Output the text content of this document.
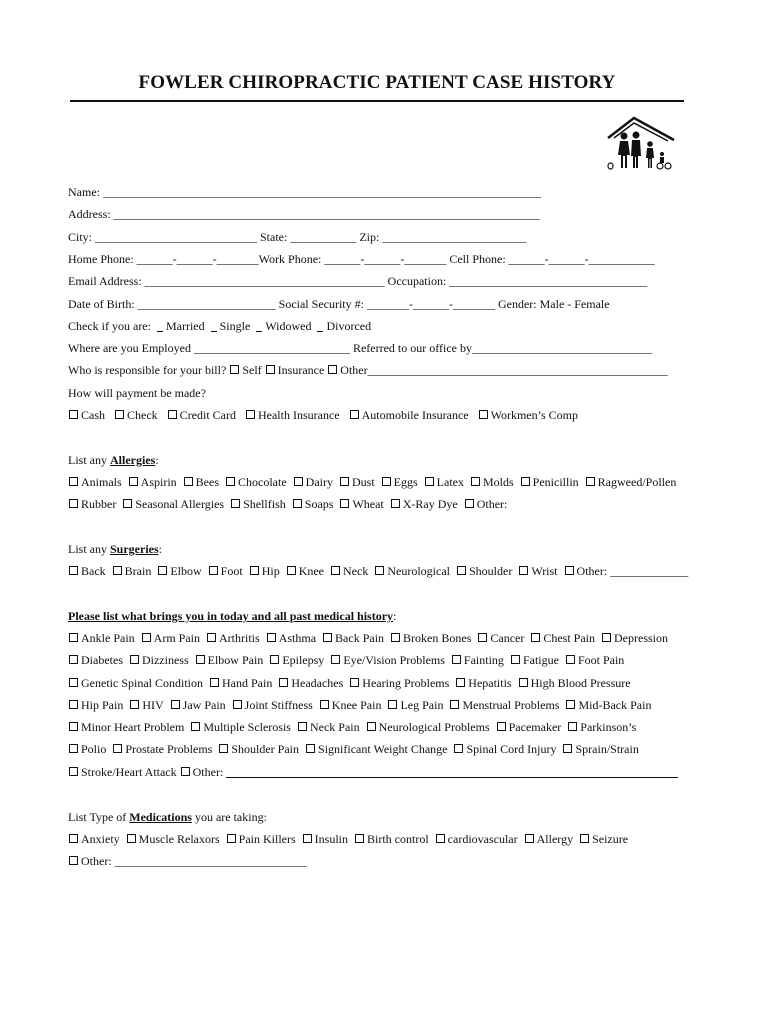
FOWLER CHIROPRACTIC PATIENT CASE HISTORY
Name: _________________________________________________________________________
Address: _______________________________________________________________________
City: ___________________________ State: ___________ Zip: ________________________
Home Phone: ______-______-_______Work Phone: ______-______-_______ Cell Phone: ______-______-___________
Email Address: ________________________________________ Occupation: _________________________________
Date of Birth: _______________________ Social Security #: _______-______-_______ Gender: Male - Female
Check if you are: Married Single Widowed Divorced
Where are you Employed __________________________ Referred to our office by______________________________
Who is responsible for your bill? Self Insurance Other__________________________________________________
How will payment be made?
Cash Check Credit Card Health Insurance Automobile Insurance Workmen’s Comp
List any Allergies:
Animals Aspirin Bees Chocolate Dairy Dust Eggs Latex Molds Penicillin Ragweed/Pollen
Rubber Seasonal Allergies Shellfish Soaps Wheat X-Ray Dye Other:
List any Surgeries:
Back Brain Elbow Foot Hip Knee Neck Neurological Shoulder Wrist Other: _____________
Please list what brings you in today and all past medical history:
Ankle Pain Arm Pain Arthritis Asthma Back Pain Broken Bones Cancer Chest Pain Depression
Diabetes Dizziness Elbow Pain Epilepsy Eye/Vision Problems Fainting Fatigue Foot Pain
Genetic Spinal Condition Hand Pain Headaches Hearing Problems Hepatitis High Blood Pressure
Hip Pain HIV Jaw Pain Joint Stiffness Knee Pain Leg Pain Menstrual Problems Mid-Back Pain
Minor Heart Problem Multiple Sclerosis Neck Pain Neurological Problems Pacemaker Parkinson’s
Polio Prostate Problems Shoulder Pain Significant Weight Change Spinal Cord Injury Sprain/Strain
Stroke/Heart Attack Other:
List Type of Medications you are taking:
Anxiety Muscle Relaxors Pain Killers Insulin Birth control cardiovascular Allergy Seizure
Other: ________________________________
